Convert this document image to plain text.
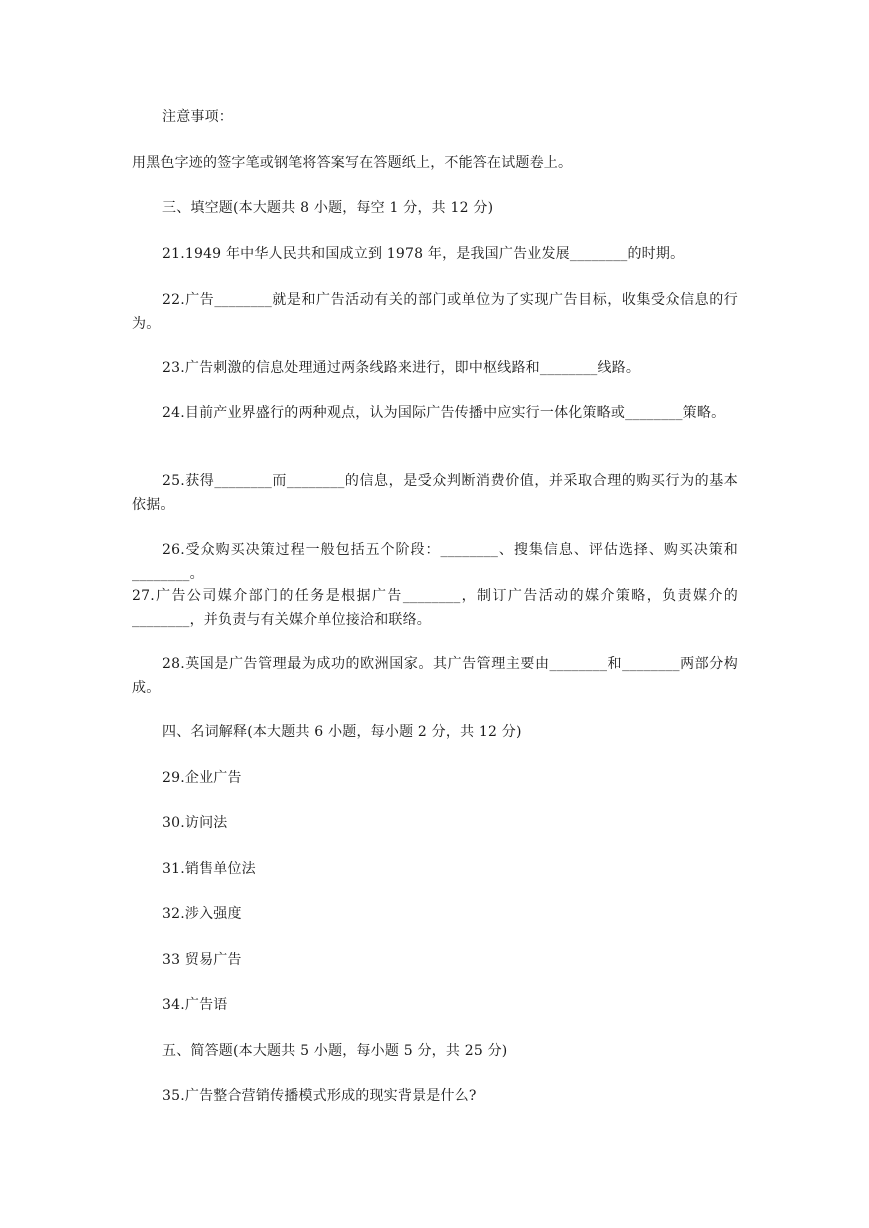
注意事项：
用黑色字迹的签字笔或钢笔将答案写在答题纸上，不能答在试题卷上。
三、填空题(本大题共 8 小题，每空 1 分，共 12 分)
21.1949 年中华人民共和国成立到 1978 年，是我国广告业发展________的时期。
22.广告________就是和广告活动有关的部门或单位为了实现广告目标，收集受众信息的行为。
23.广告刺激的信息处理通过两条线路来进行，即中枢线路和________线路。
24.目前产业界盛行的两种观点，认为国际广告传播中应实行一体化策略或________策略。
25.获得________而________的信息，是受众判断消费价值，并采取合理的购买行为的基本依据。
26.受众购买决策过程一般包括五个阶段：________、搜集信息、评估选择、购买决策和________。
27.广告公司媒介部门的任务是根据广告________，制订广告活动的媒介策略，负责媒介的________，并负责与有关媒介单位接洽和联络。
28.英国是广告管理最为成功的欧洲国家。其广告管理主要由________和________两部分构成。
四、名词解释(本大题共 6 小题，每小题 2 分，共 12 分)
29.企业广告
30.访问法
31.销售单位法
32.涉入强度
33 贸易广告
34.广告语
五、简答题(本大题共 5 小题，每小题 5 分，共 25 分)
35.广告整合营销传播模式形成的现实背景是什么?
